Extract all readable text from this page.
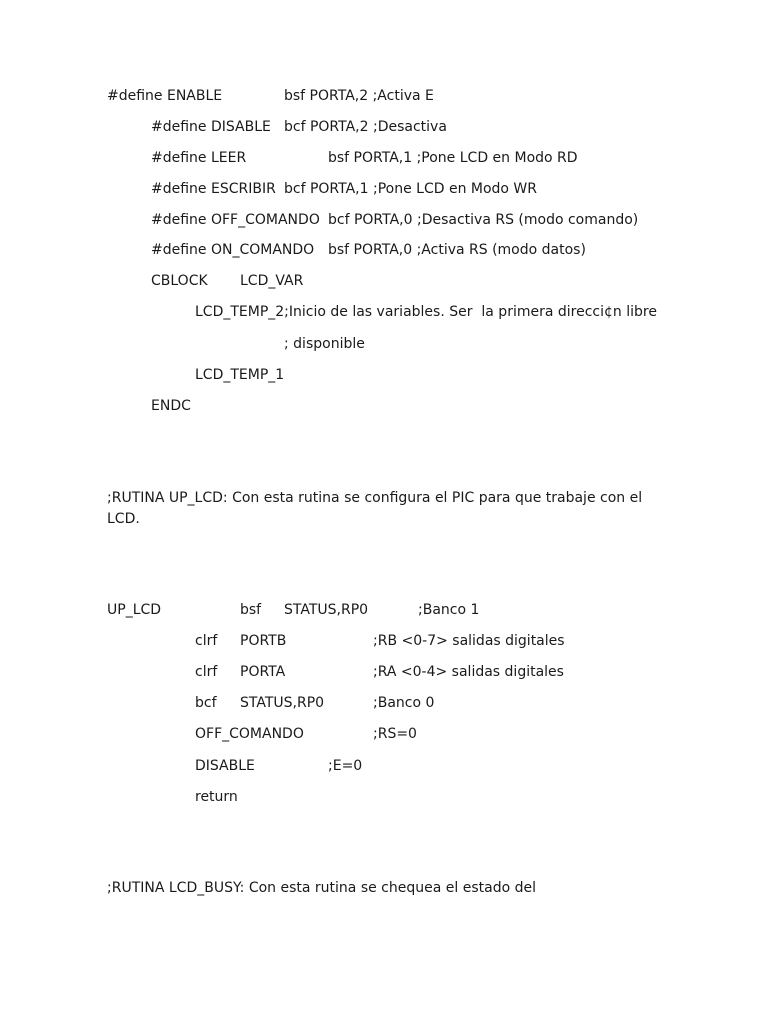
#define ENABLE	bsf PORTA,2 ;Activa E
#define DISABLE bcf PORTA,2 ;Desactiva
#define LEER	bsf PORTA,1 ;Pone LCD en Modo RD
#define ESCRIBIR bcf PORTA,1 ;Pone LCD en Modo WR
#define OFF_COMANDO bcf PORTA,0 ;Desactiva RS (modo comando)
#define ON_COMANDO bsf PORTA,0 ;Activa RS (modo datos)
CBLOCK LCD_VAR
LCD_TEMP_2;Inicio de las variables. Ser  la primera direcci¢n libre
; disponible
LCD_TEMP_1
ENDC
;RUTINA UP_LCD: Con esta rutina se configura el PIC para que trabaje con el
LCD.
UP_LCD	bsf STATUS,RP0	;Banco 1
clrf PORTB	;RB <0-7> salidas digitales
clrf PORTA	;RA <0-4> salidas digitales
bcf STATUS,RP0	;Banco 0
OFF_COMANDO	;RS=0
DISABLE	;E=0
return
;RUTINA LCD_BUSY: Con esta rutina se chequea el estado del
